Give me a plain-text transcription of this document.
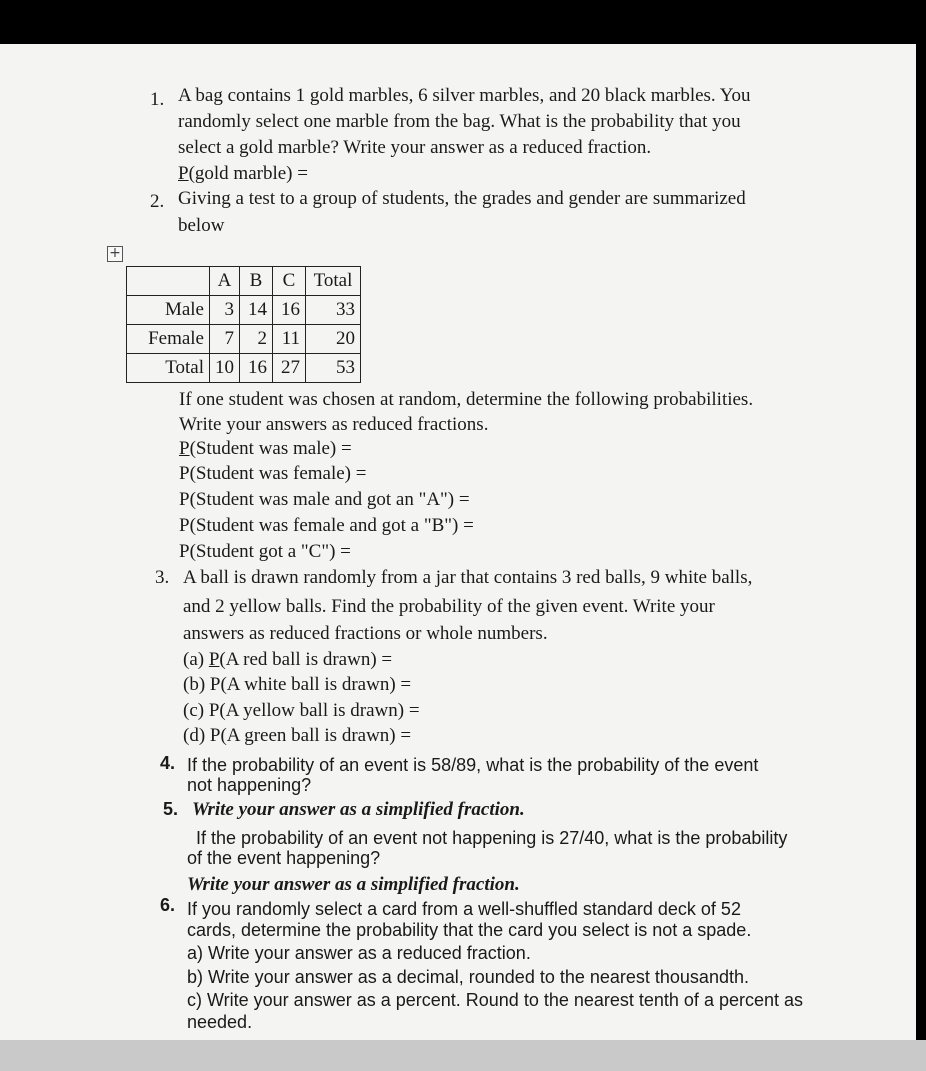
1. A bag contains 1 gold marbles, 6 silver marbles, and 20 black marbles. You
randomly select one marble from the bag. What is the probability that you
select a gold marble? Write your answer as a reduced fraction.
P(gold marble) =
2. Giving a test to a group of students, the grades and gender are summarized
below
+
	A	B	C	Total
Male	3	14	16	33
Female	7	2	11	20
Total	10	16	27	53
If one student was chosen at random, determine the following probabilities.
Write your answers as reduced fractions.
P(Student was male) =
P(Student was female) =
P(Student was male and got an "A") =
P(Student was female and got a "B") =
P(Student got a "C") =
3. A ball is drawn randomly from a jar that contains 3 red balls, 9 white balls,
and 2 yellow balls. Find the probability of the given event. Write your
answers as reduced fractions or whole numbers.
(a) P(A red ball is drawn) =
(b) P(A white ball is drawn) =
(c) P(A yellow ball is drawn) =
(d) P(A green ball is drawn) =
4. If the probability of an event is 58/89, what is the probability of the event
not happening?
5. Write your answer as a simplified fraction.
If the probability of an event not happening is 27/40, what is the probability
of the event happening?
Write your answer as a simplified fraction.
6. If you randomly select a card from a well-shuffled standard deck of 52
cards, determine the probability that the card you select is not a spade.
a) Write your answer as a reduced fraction.
b) Write your answer as a decimal, rounded to the nearest thousandth.
c) Write your answer as a percent. Round to the nearest tenth of a percent as
needed.
